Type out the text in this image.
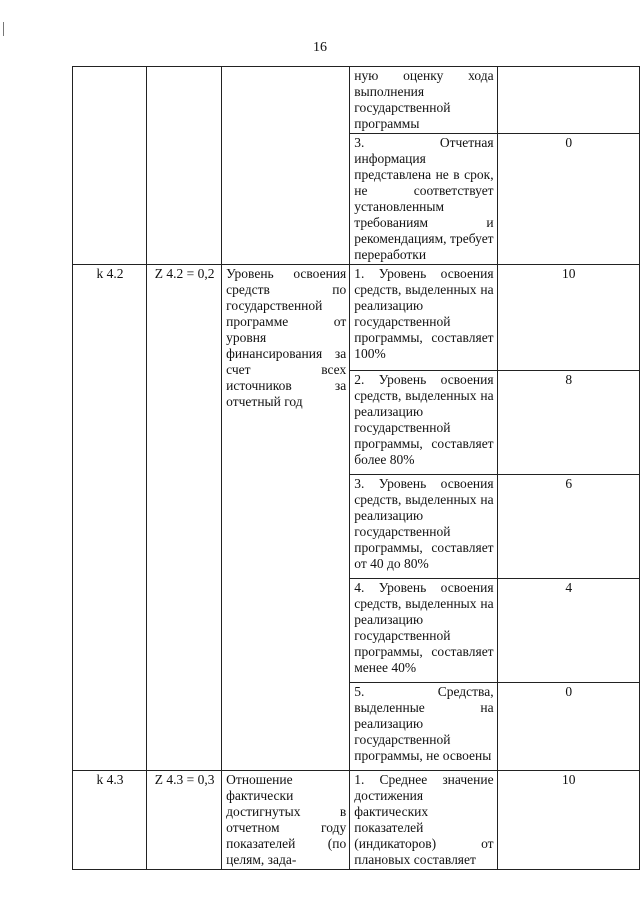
16
			ную оценку хода выполнения государственной программы	
			3. Отчетная информация представлена не в срок, не соответствует установленным требованиям и рекомендациям, требует переработки	0
k 4.2	Z 4.2 = 0,2	Уровень освоения средств по государственной программе от уровня финансирования за счет всех источников за отчетный год	1. Уровень освоения средств, выделенных на реализацию государственной программы, составляет 100%	10
			2. Уровень освоения средств, выделенных на реализацию государственной программы, составляет более 80%	8
			3. Уровень освоения средств, выделенных на реализацию государственной программы, составляет от 40 до 80%	6
			4. Уровень освоения средств, выделенных на реализацию государственной программы, составляет менее 40%	4
			5. Средства, выделенные на реализацию государственной программы, не освоены	0
k 4.3	Z 4.3 = 0,3	Отношение фактически достигнутых в отчетном году показателей (по целям, зада-	1. Среднее значение достижения фактических показателей (индикаторов) от плановых составляет	10
